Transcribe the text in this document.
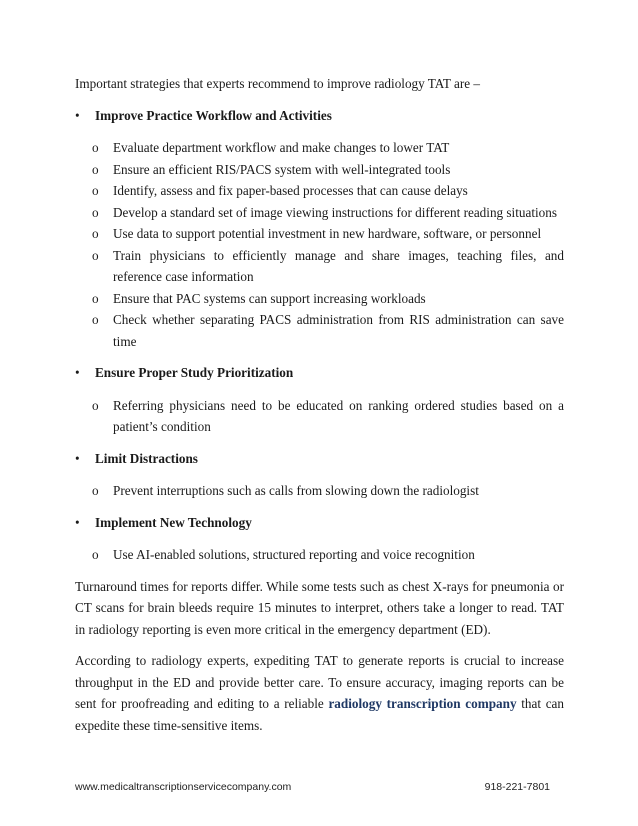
Important strategies that experts recommend to improve radiology TAT are –

• Improve Practice Workflow and Activities
o Evaluate department workflow and make changes to lower TAT
o Ensure an efficient RIS/PACS system with well-integrated tools
o Identify, assess and fix paper-based processes that can cause delays
o Develop a standard set of image viewing instructions for different reading situations
o Use data to support potential investment in new hardware, software, or personnel
o Train physicians to efficiently manage and share images, teaching files, and reference case information
o Ensure that PAC systems can support increasing workloads
o Check whether separating PACS administration from RIS administration can save time
• Ensure Proper Study Prioritization
o Referring physicians need to be educated on ranking ordered studies based on a patient’s condition
• Limit Distractions
o Prevent interruptions such as calls from slowing down the radiologist
• Implement New Technology
o Use AI-enabled solutions, structured reporting and voice recognition

Turnaround times for reports differ. While some tests such as chest X-rays for pneumonia or CT scans for brain bleeds require 15 minutes to interpret, others take a longer to read. TAT in radiology reporting is even more critical in the emergency department (ED).

According to radiology experts, expediting TAT to generate reports is crucial to increase throughput in the ED and provide better care. To ensure accuracy, imaging reports can be sent for proofreading and editing to a reliable radiology transcription company that can expedite these time-sensitive items.

www.medicaltranscriptionservicecompany.com	918-221-7801
